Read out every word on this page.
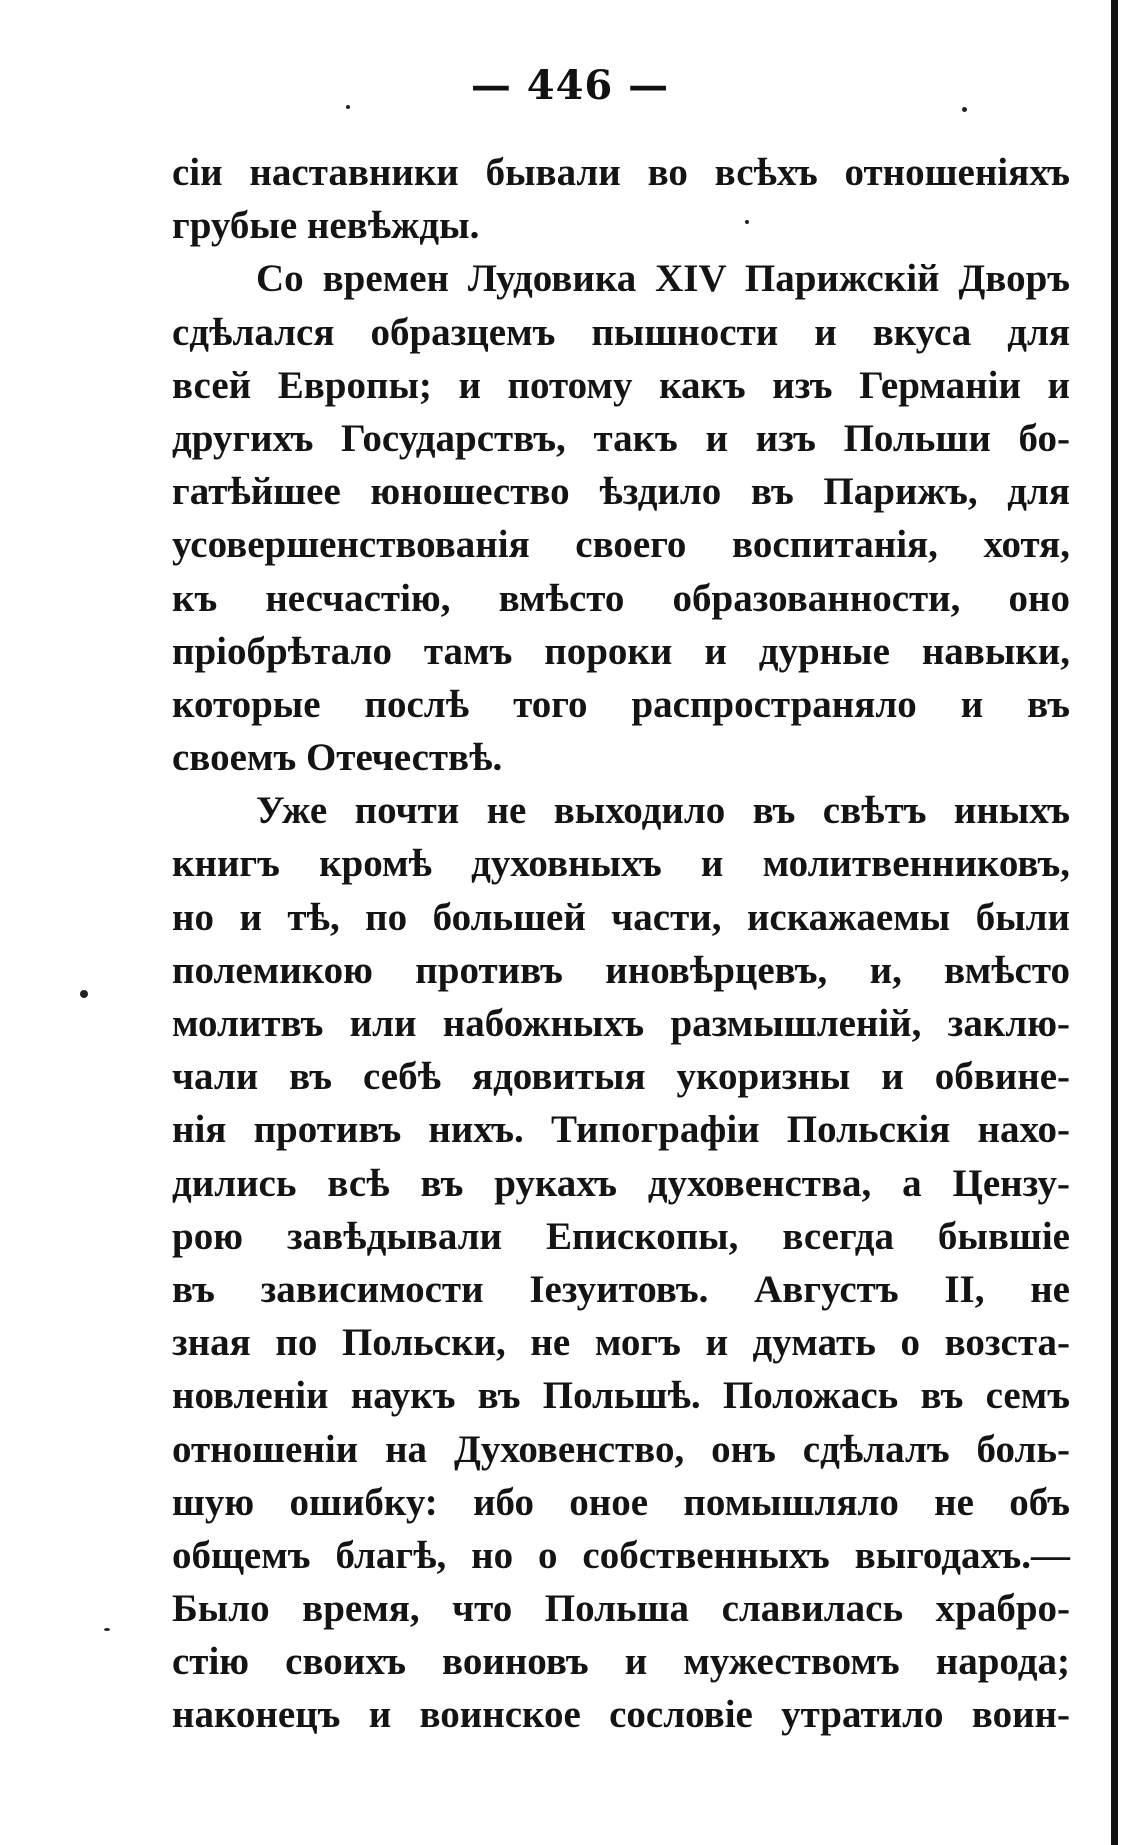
— 446 —
сіи наставники бывали во всѣхъ отношеніяхъ
грубые невѣжды.
Со времен Лудовика XIV Парижскій Дворъ
сдѣлался образцемъ пышности и вкуса для
всей Европы; и потому какъ изъ Германіи и
другихъ Государствъ, такъ и изъ Польши бо-
гатѣйшее юношество ѣздило въ Парижъ, для
усовершенствованія своего воспитанія, хотя,
къ несчастію, вмѣсто образованности, оно
пріобрѣтало тамъ пороки и дурные навыки,
которые послѣ того распространяло и въ
своемъ Отечествѣ.
Уже почти не выходило въ свѣтъ иныхъ
книгъ кромѣ духовныхъ и молитвенниковъ,
но и тѣ, по большей части, искажаемы были
полемикою противъ иновѣрцевъ, и, вмѣсто
молитвъ или набожныхъ размышленій, заклю-
чали въ себѣ ядовитыя укоризны и обвине-
нія противъ нихъ. Типографіи Польскія нахо-
дились всѣ въ рукахъ духовенства, а Цензу-
рою завѣдывали Епископы, всегда бывшіе
въ зависимости Іезуитовъ. Августъ II, не
зная по Польски, не могъ и думать о возста-
новленіи наукъ въ Польшѣ. Положась въ семъ
отношеніи на Духовенство, онъ сдѣлалъ боль-
шую ошибку: ибо оное помышляло не объ
общемъ благѣ, но о собственныхъ выгодахъ.—
Было время, что Польша славилась храбро-
стію своихъ воиновъ и мужествомъ народа;
наконецъ и воинское сословіе утратило воин-
